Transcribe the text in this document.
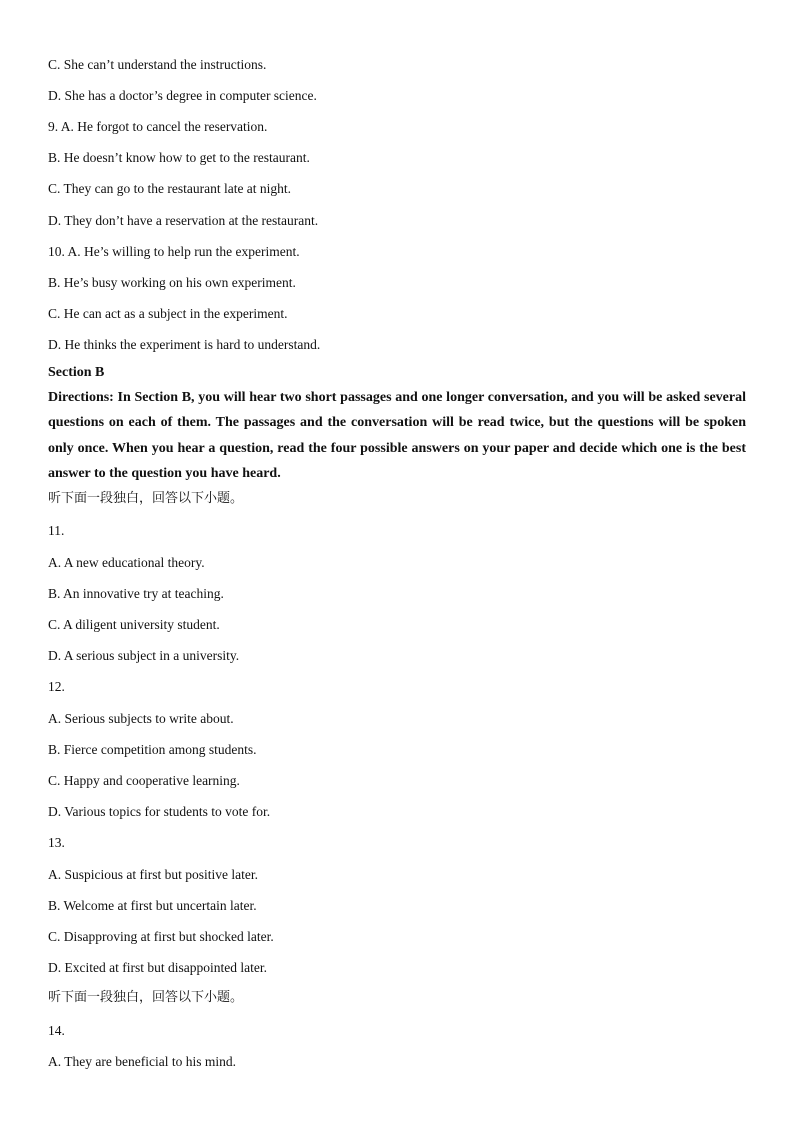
C. She can’t understand the instructions.
D. She has a doctor’s degree in computer science.
9. A. He forgot to cancel the reservation.
B. He doesn’t know how to get to the restaurant.
C. They can go to the restaurant late at night.
D. They don’t have a reservation at the restaurant.
10. A. He’s willing to help run the experiment.
B. He’s busy working on his own experiment.
C. He can act as a subject in the experiment.
D. He thinks the experiment is hard to understand.
Section B
Directions: In Section B, you will hear two short passages and one longer conversation, and you will be asked several questions on each of them. The passages and the conversation will be read twice, but the questions will be spoken only once. When you hear a question, read the four possible answers on your paper and decide which one is the best answer to the question you have heard.
听下面一段独白，回答以下小题。
11.
A. A new educational theory.
B. An innovative try at teaching.
C. A diligent university student.
D. A serious subject in a university.
12.
A. Serious subjects to write about.
B. Fierce competition among students.
C. Happy and cooperative learning.
D. Various topics for students to vote for.
13.
A. Suspicious at first but positive later.
B. Welcome at first but uncertain later.
C. Disapproving at first but shocked later.
D. Excited at first but disappointed later.
听下面一段独白，回答以下小题。
14.
A. They are beneficial to his mind.
